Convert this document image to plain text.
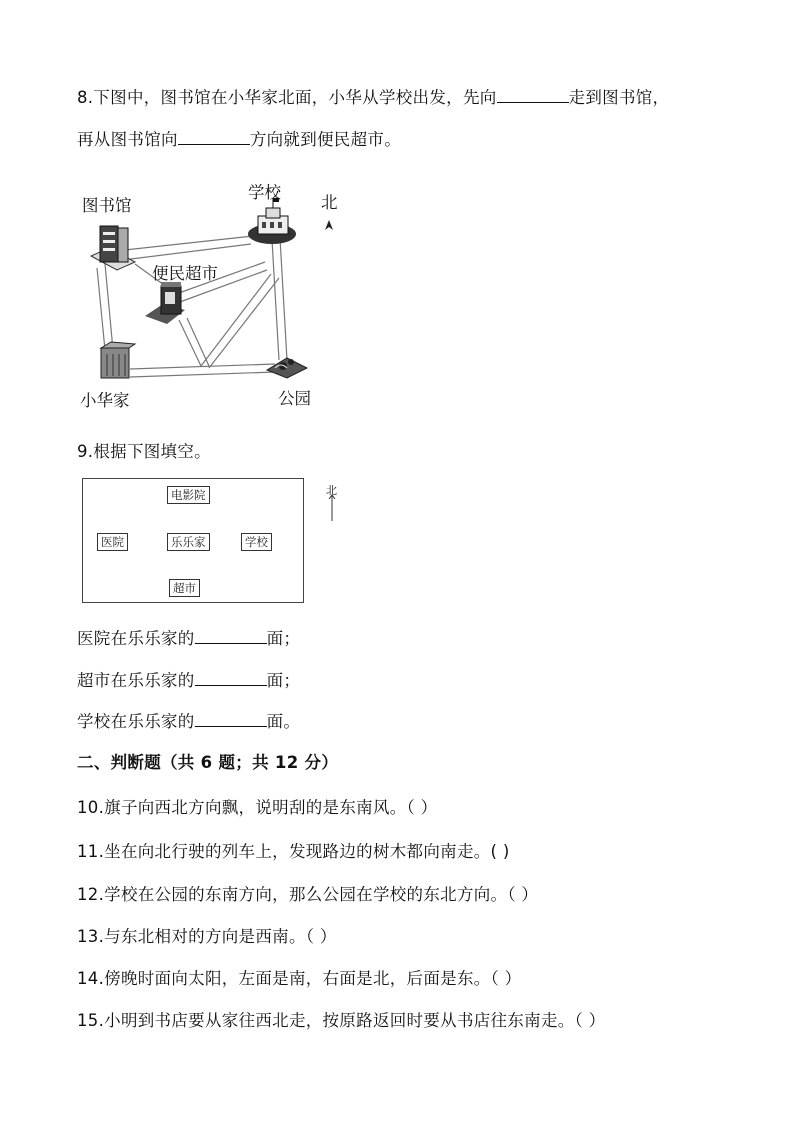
8.下图中，图书馆在小华家北面，小华从学校出发，先向	走到图书馆，
再从图书馆向	方向就到便民超市。
图书馆
学校
北
便民超市
小华家	公园
9.根据下图填空。
电影院
医院	乐乐家	学校
超市
北
医院在乐乐家的	面；
超市在乐乐家的	面；
学校在乐乐家的	面。
二、判断题（共 6 题；共 12 分）
10.旗子向西北方向飘，说明刮的是东南风。（ ）
11.坐在向北行驶的列车上，发现路边的树木都向南走。( )
12.学校在公园的东南方向，那么公园在学校的东北方向。（ ）
13.与东北相对的方向是西南。（ ）
14.傍晚时面向太阳，左面是南，右面是北，后面是东。（ ）
15.小明到书店要从家往西北走，按原路返回时要从书店往东南走。（ ）
